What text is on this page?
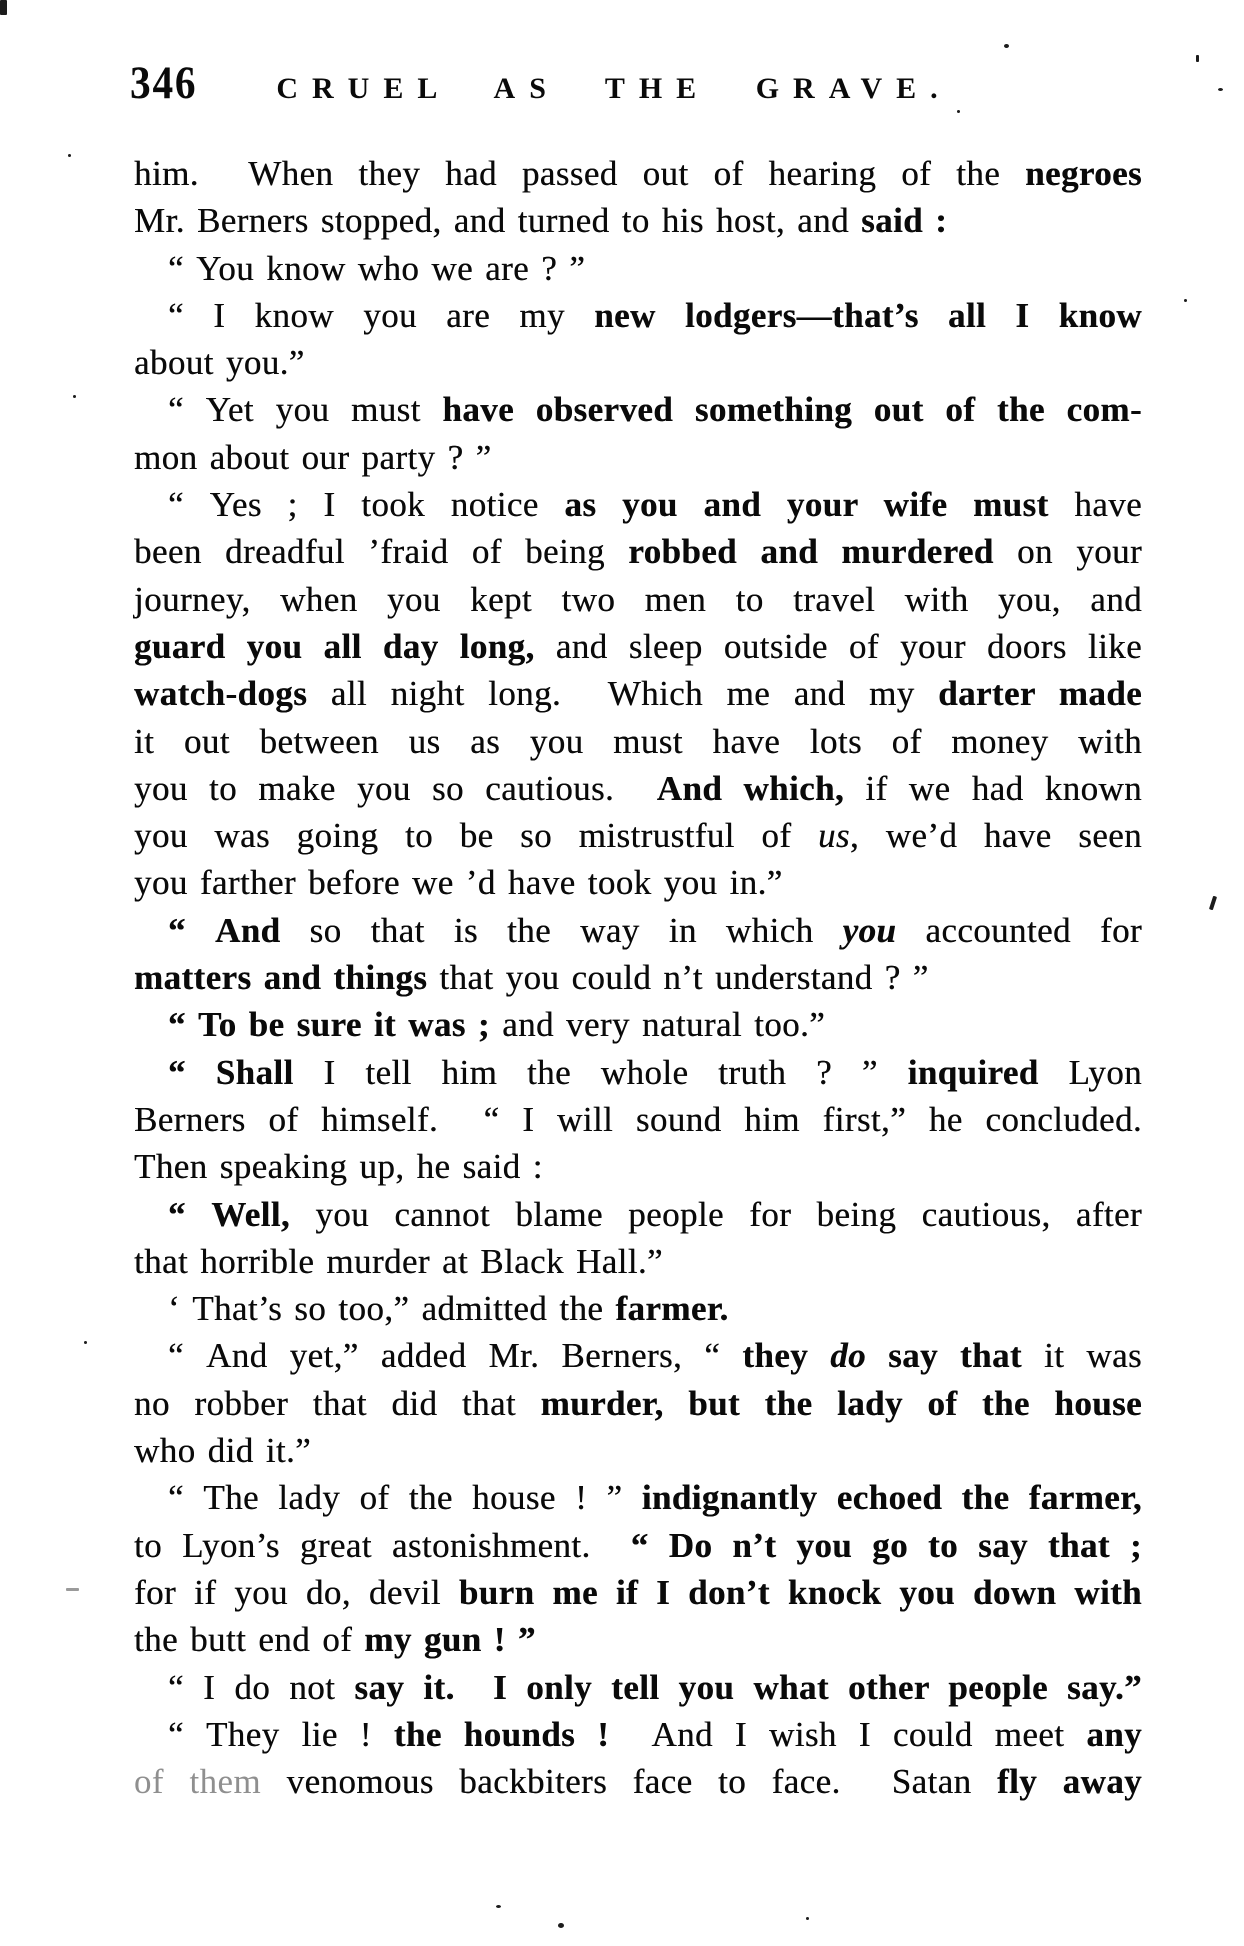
346	CRUEL AS THE GRAVE.
him.  When they had passed out of hearing of the negroes
Mr. Berners stopped, and turned to his host, and said :
“ You know who we are ? ”
“ I know you are my new lodgers—that’s all I know
about you.”
“ Yet you must have observed something out of the com-
mon about our party ? ”
“ Yes ; I took notice as you and your wife must have
been dreadful ’fraid of being robbed and murdered on your
journey, when you kept two men to travel with you, and
guard you all day long, and sleep outside of your doors like
watch-dogs all night long.  Which me and my darter made
it out between us as you must have lots of money with
you to make you so cautious.  And which, if we had known
you was going to be so mistrustful of us, we’d have seen
you farther before we ’d have took you in.”
“ And so that is the way in which you accounted for
matters and things that you could n’t understand ? ”
“ To be sure it was ; and very natural too.”
“ Shall I tell him the whole truth ? ” inquired Lyon
Berners of himself.  “ I will sound him first,” he concluded.
Then speaking up, he said :
“ Well, you cannot blame people for being cautious, after
that horrible murder at Black Hall.”
‘ That’s so too,” admitted the farmer.
“ And yet,” added Mr. Berners, “ they do say that it was
no robber that did that murder, but the lady of the house
who did it.”
“ The lady of the house ! ” indignantly echoed the farmer,
to Lyon’s great astonishment.  “ Do n’t you go to say that ;
for if you do, devil burn me if I don’t knock you down with
the butt end of my gun ! ”
“ I do not say it.  I only tell you what other people say.”
“ They lie ! the hounds !  And I wish I could meet any
of them venomous backbiters face to face.  Satan fly away
